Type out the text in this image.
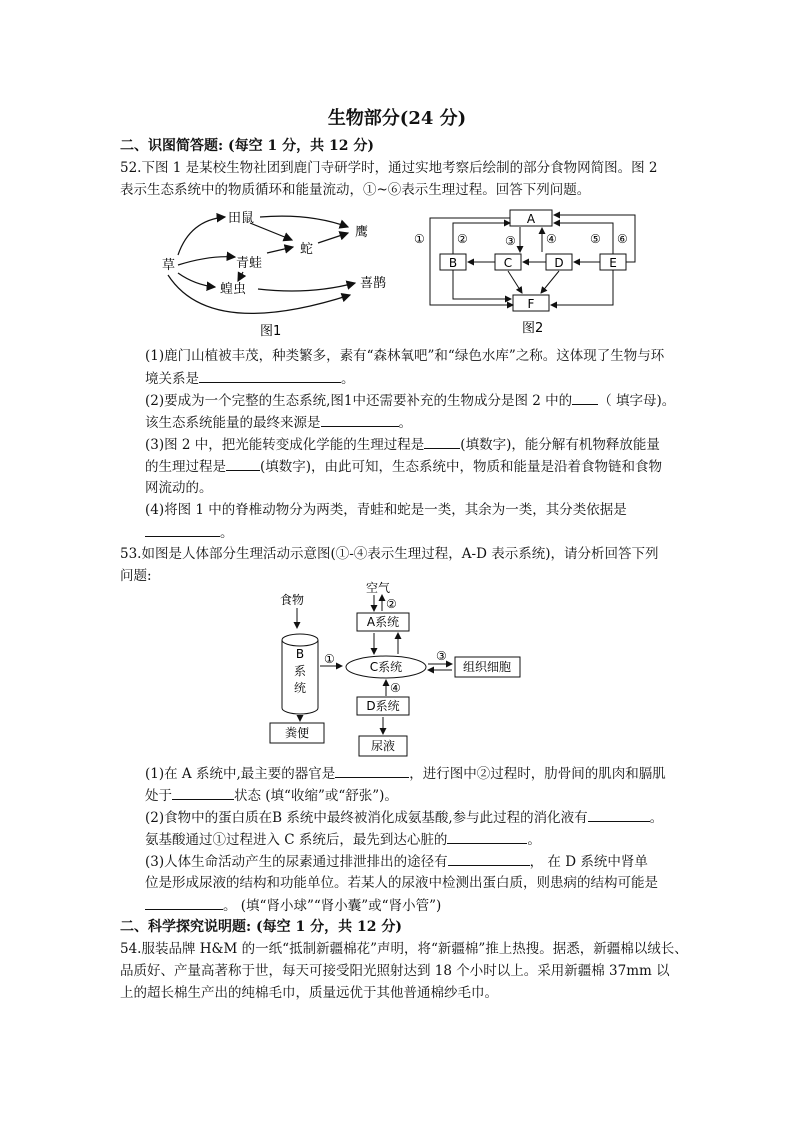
生物部分(24 分)
二、识图简答题: (每空 1 分，共 12 分)
52.下图 1 是某校生物社团到鹿门寺研学时，通过实地考察后绘制的部分食物网简图。图 2
表示生态系统中的物质循环和能量流动，①~⑥表示生理过程。回答下列问题。
草
田鼠
青蛙
蛇
鹰
蝗虫	喜鹊
图1
A
B	C	D	E
F
①	②	③	④	⑤ ⑥
图2
(1)鹿门山植被丰茂，种类繁多，素有“森林氧吧”和“绿色水库”之称。这体现了生物与环
境关系是	。
(2)要成为一个完整的生态系统,图1中还需要补充的生物成分是图 2 中的 （ 填字母)。
该生态系统能量的最终来源是	。
(3)图 2 中，把光能转变成化学能的生理过程是	(填数字)，能分解有机物释放能量
的生理过程是	(填数字)，由此可知，生态系统中，物质和能量是沿着食物链和食物
网流动的。
(4)将图 1 中的脊椎动物分为两类，青蛙和蛇是一类，其余为一类，其分类依据是
。
53.如图是人体部分生理活动示意图(①-④表示生理过程，A-D 表示系统)，请分析回答下列
问题:
食物
空气
A系统
B
系
统
粪便
C系统	组织细胞
D系统
尿液
①
②
③
④
(1)在 A 系统中,最主要的器官是	，进行图中②过程时，肋骨间的肌肉和膈肌
处于	状态 (填“收缩”或“舒张”)。
(2)食物中的蛋白质在B 系统中最终被消化成氨基酸,参与此过程的消化液有	。
氨基酸通过①过程进入 C 系统后，最先到达心脏的	。
(3)人体生命活动产生的尿素通过排泄排出的途径有	， 在 D 系统中肾单
位是形成尿液的结构和功能单位。若某人的尿液中检测出蛋白质，则患病的结构可能是
。 (填“肾小球”“肾小囊”或“肾小管”)
二、科学探究说明题: (每空 1 分，共 12 分)
54.服装品牌 H&M 的一纸“抵制新疆棉花”声明，将“新疆棉”推上热搜。据悉，新疆棉以绒长、
品质好、产量高著称于世，每天可接受阳光照射达到 18 个小时以上。采用新疆棉 37mm 以
上的超长棉生产出的纯棉毛巾，质量远优于其他普通棉纱毛巾。
